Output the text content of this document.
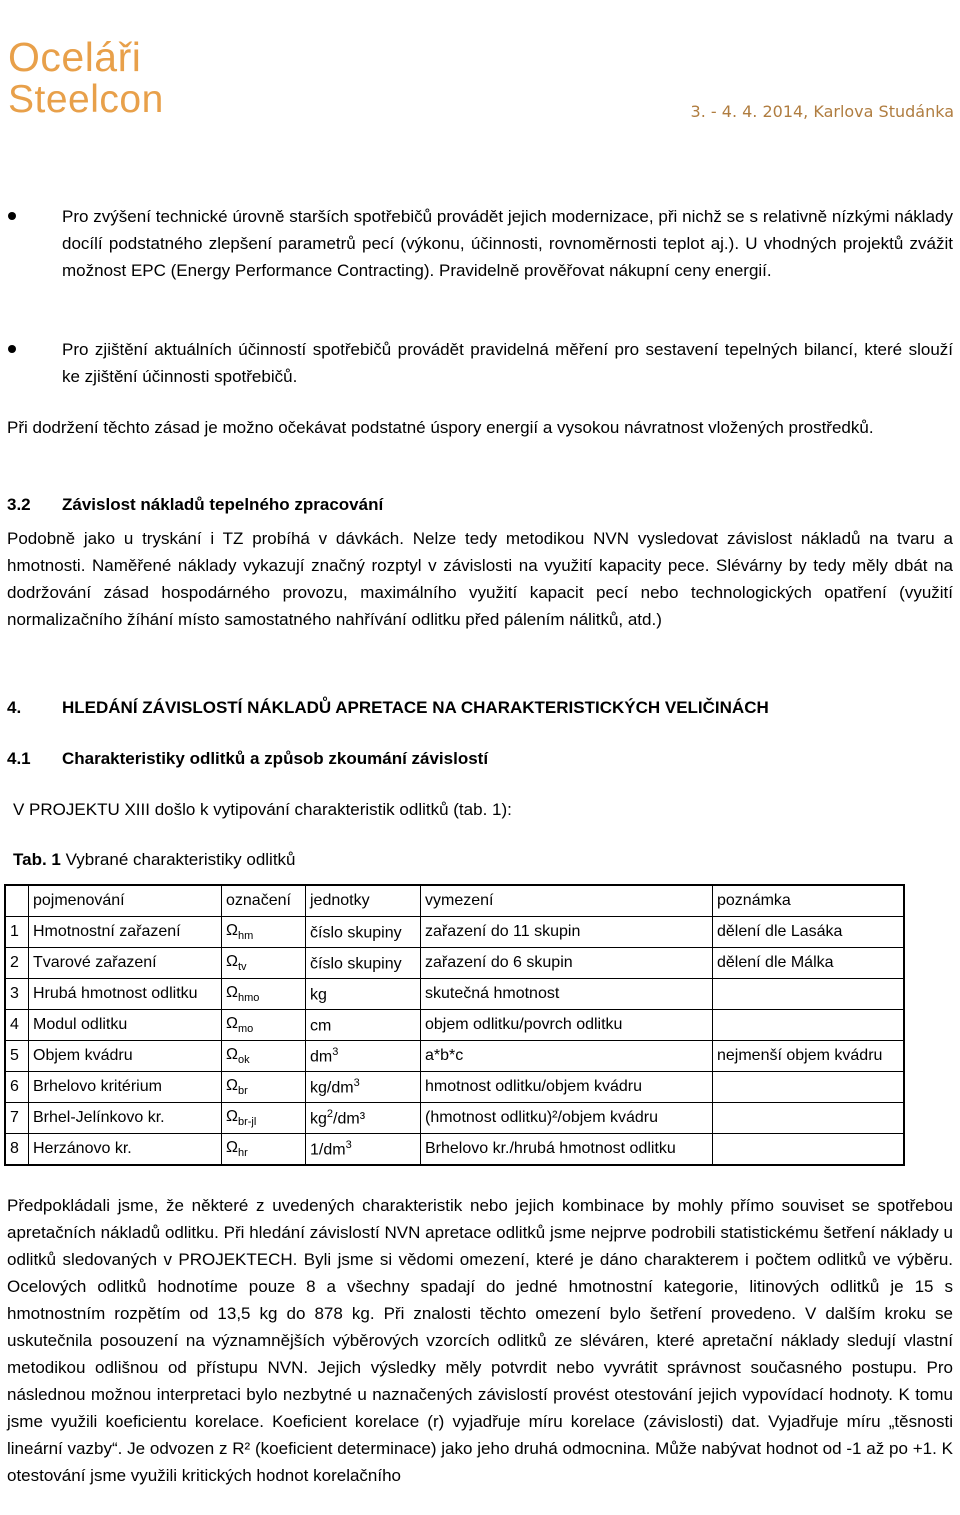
Oceláři
Steelcon	3. - 4. 4. 2014, Karlova Studánka
Pro zvýšení technické úrovně starších spotřebičů provádět jejich modernizace, při nichž se s relativně nízkými náklady docílí podstatného zlepšení parametrů pecí (výkonu, účinnosti, rovnoměrnosti teplot aj.). U vhodných projektů zvážit možnost EPC (Energy Performance Contracting). Pravidelně prověřovat nákupní ceny energií.
Pro zjištění aktuálních účinností spotřebičů provádět pravidelná měření pro sestavení tepelných bilancí, které slouží ke zjištění účinnosti spotřebičů.
Při dodržení těchto zásad je možno očekávat podstatné úspory energií a vysokou návratnost vložených prostředků.
3.2 Závislost nákladů tepelného zpracování
Podobně jako u tryskání i TZ probíhá v dávkách. Nelze tedy metodikou NVN vysledovat závislost nákladů na tvaru a hmotnosti. Naměřené náklady vykazují značný rozptyl v závislosti na využití kapacity pece. Slévárny by tedy měly dbát na dodržování zásad hospodárného provozu, maximálního využití kapacit pecí nebo technologických opatření (využití normalizačního žíhání místo samostatného nahřívání odlitku před pálením nálitků, atd.)
4. HLEDÁNÍ ZÁVISLOSTÍ NÁKLADŮ APRETACE NA CHARAKTERISTICKÝCH VELIČINÁCH
4.1 Charakteristiky odlitků a způsob zkoumání závislostí
V PROJEKTU XIII došlo k vytipování charakteristik odlitků (tab. 1):
Tab. 1 Vybrané charakteristiky odlitků
	pojmenování	označení	jednotky	vymezení	poznámka
1	Hmotnostní zařazení	$\Omega_{hm}$	číslo skupiny	zařazení do 11 skupin	dělení dle Lasáka
2	Tvarové zařazení	$\Omega_{tv}$	číslo skupiny	zařazení do 6 skupin	dělení dle Málka
3	Hrubá hmotnost odlitku	$\Omega_{hmo}$	kg	skutečná hmotnost	
4	Modul odlitku	$\Omega_{mo}$	cm	objem odlitku/povrch odlitku	
5	Objem kvádru	$\Omega_{ok}$	$dm^3$	a*b*c	nejmenší objem kvádru
6	Brhelovo kritérium	$\Omega_{br}$	$kg/dm^3$	hmotnost odlitku/objem kvádru	
7	Brhel-Jelínkovo kr.	$\Omega_{br-jl}$	$kg^2$/dm³	(hmotnost odlitku)²/objem kvádru	
8	Herzánovo kr.	$\Omega_{hr}$	$1/dm^3$	Brhelovo kr./hrubá hmotnost odlitku	
Předpokládali jsme, že některé z uvedených charakteristik nebo jejich kombinace by mohly přímo souviset se spotřebou apretačních nákladů odlitku. Při hledání závislostí NVN apretace odlitků jsme nejprve podrobili statistickému šetření náklady u odlitků sledovaných v PROJEKTECH. Byli jsme si vědomi omezení, které je dáno charakterem i počtem odlitků ve výběru. Ocelových odlitků hodnotíme pouze 8 a všechny spadají do jedné hmotnostní kategorie, litinových odlitků je 15 s hmotnostním rozpětím od 13,5 kg do 878 kg. Při znalosti těchto omezení bylo šetření provedeno. V dalším kroku se uskutečnila posouzení na významnějších výběrových vzorcích odlitků ze sléváren, které apretační náklady sledují vlastní metodikou odlišnou od přístupu NVN. Jejich výsledky měly potvrdit nebo vyvrátit správnost současného postupu. Pro následnou možnou interpretaci bylo nezbytné u naznačených závislostí provést otestování jejich vypovídací hodnoty. K tomu jsme využili koeficientu korelace. Koeficient korelace (r) vyjadřuje míru korelace (závislosti) dat. Vyjadřuje míru „těsnosti lineární vazby“. Je odvozen z R² (koeficient determinace) jako jeho druhá odmocnina. Může nabývat hodnot od -1 až po +1. K otestování jsme využili kritických hodnot korelačního
